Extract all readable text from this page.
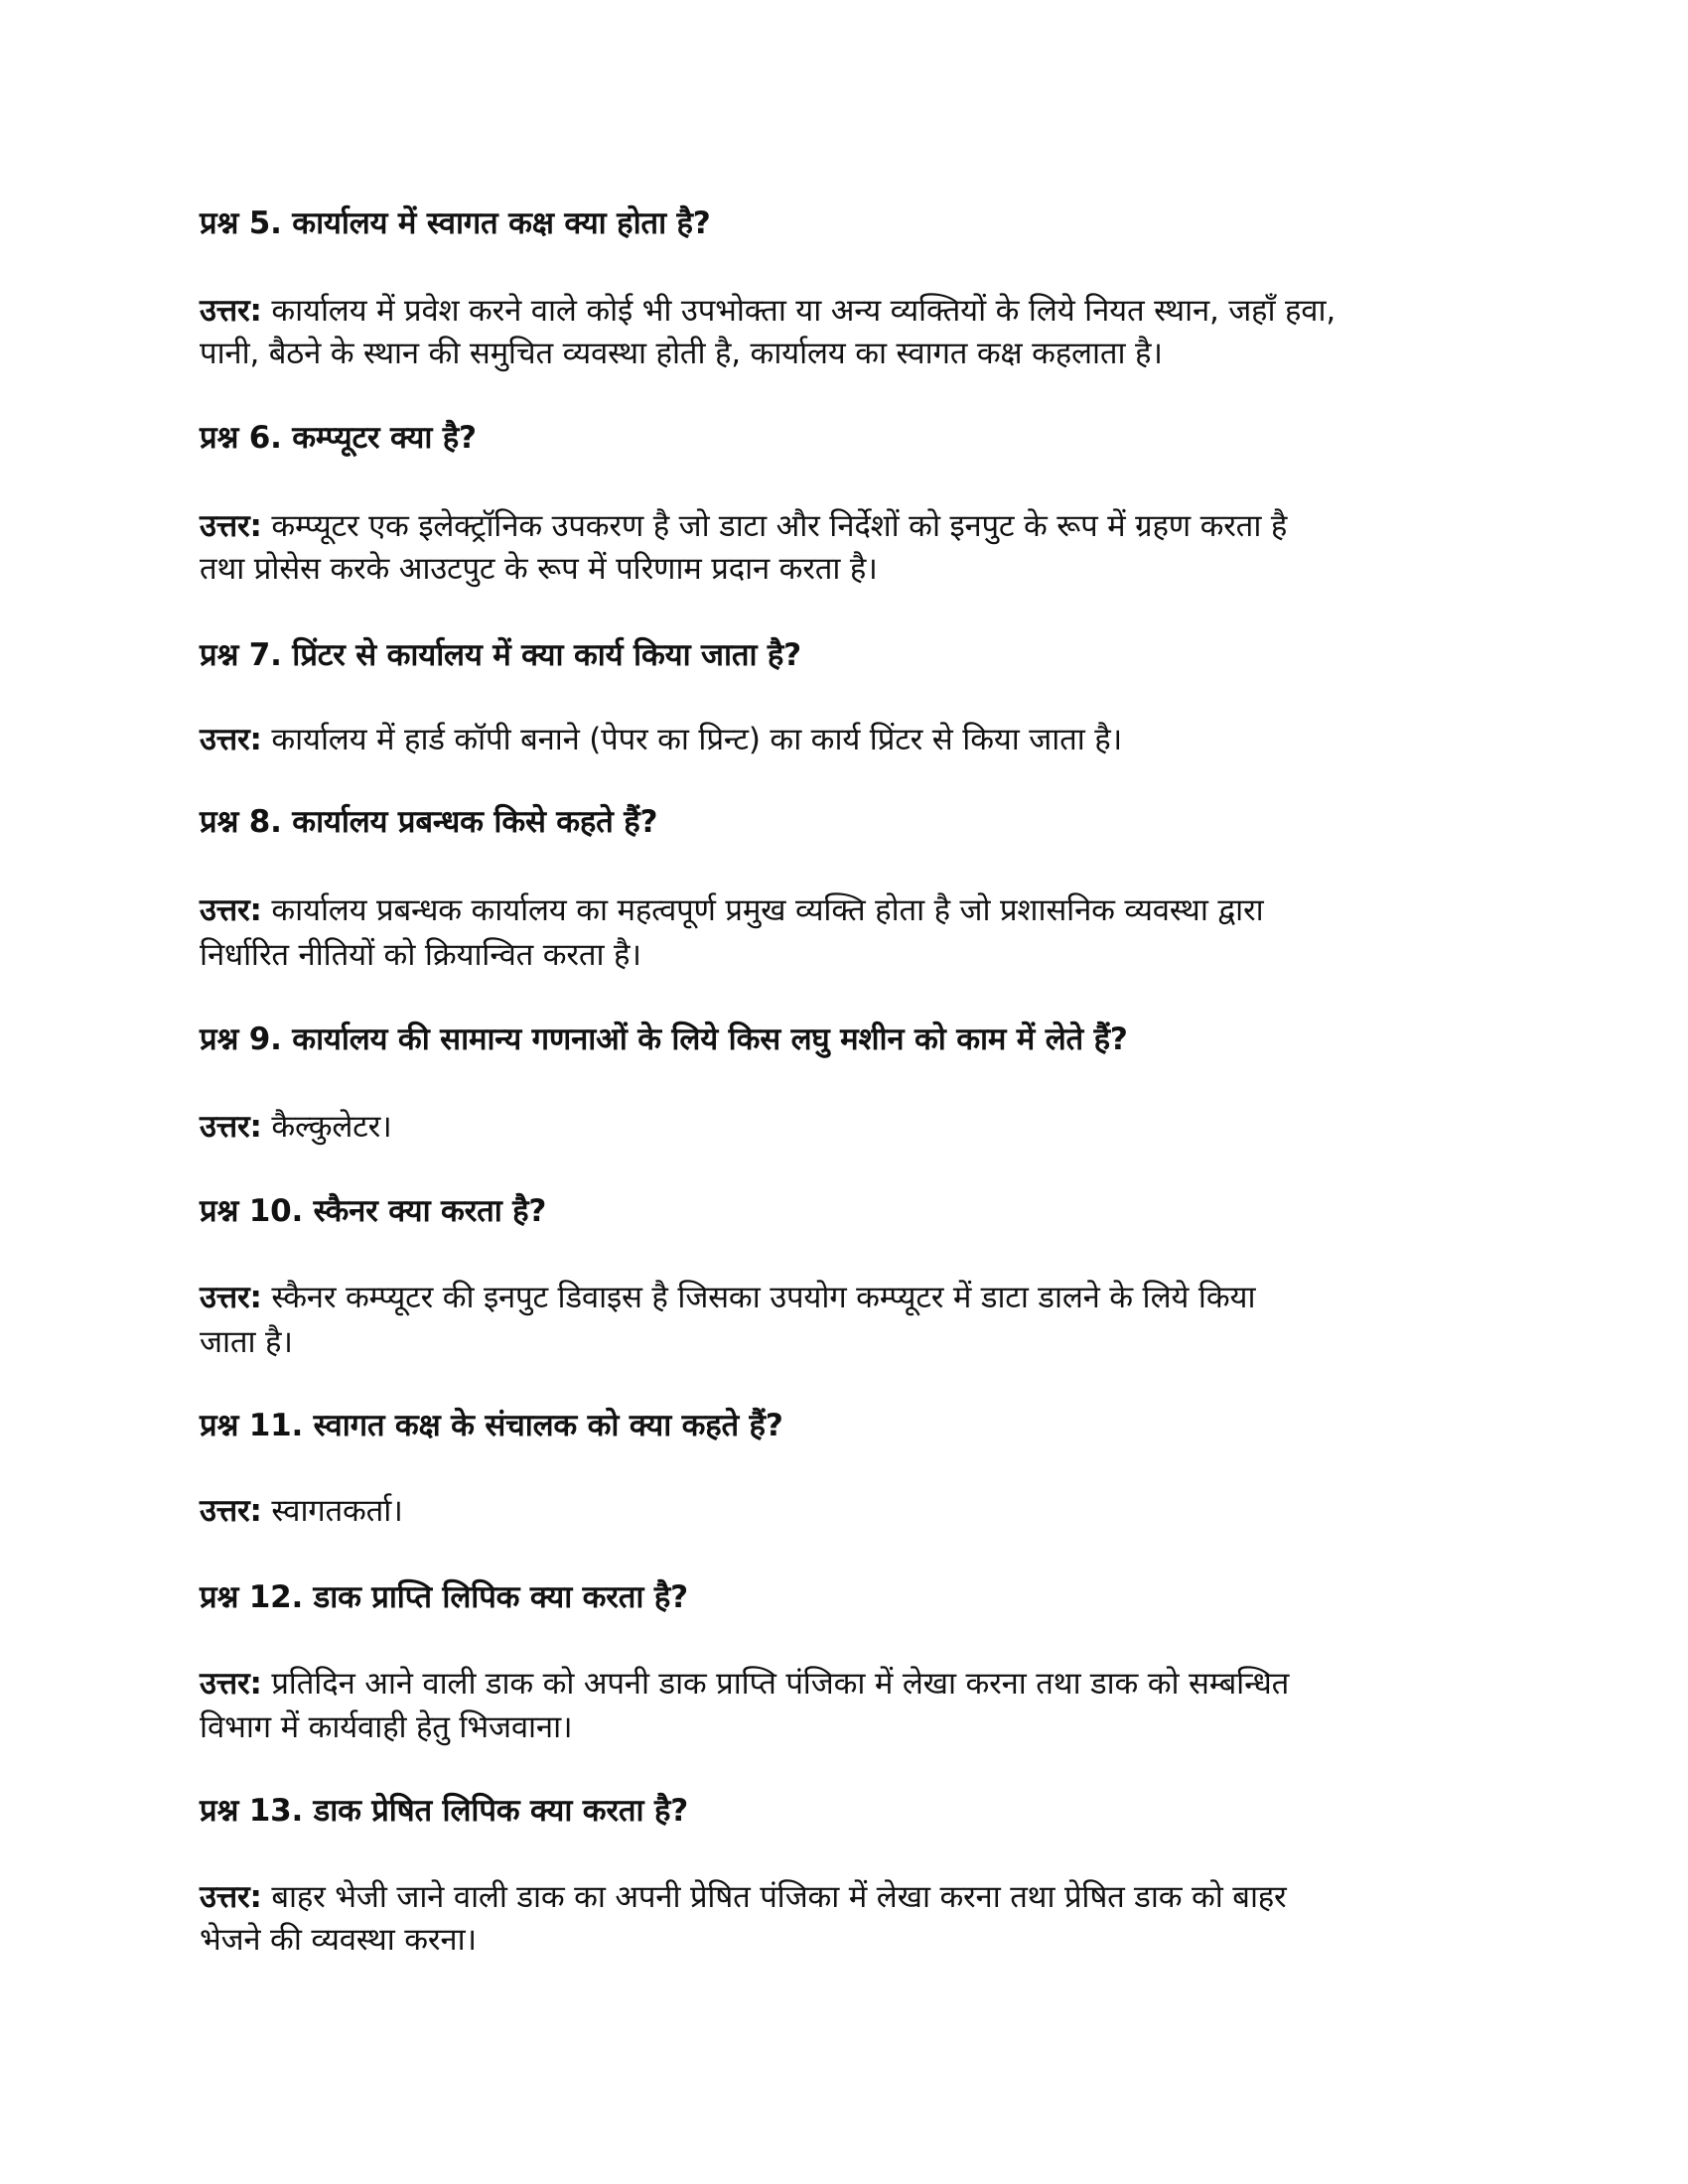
प्रश्न 5. कार्यालय में स्वागत कक्ष क्या होता है?
उत्तर: कार्यालय में प्रवेश करने वाले कोई भी उपभोक्ता या अन्य व्यक्तियों के लिये नियत स्थान, जहाँ हवा,
पानी, बैठने के स्थान की समुचित व्यवस्था होती है, कार्यालय का स्वागत कक्ष कहलाता है।
प्रश्न 6. कम्प्यूटर क्या है?
उत्तर: कम्प्यूटर एक इलेक्ट्रॉनिक उपकरण है जो डाटा और निर्देशों को इनपुट के रूप में ग्रहण करता है
तथा प्रोसेस करके आउटपुट के रूप में परिणाम प्रदान करता है।
प्रश्न 7. प्रिंटर से कार्यालय में क्या कार्य किया जाता है?
उत्तर: कार्यालय में हार्ड कॉपी बनाने (पेपर का प्रिन्ट) का कार्य प्रिंटर से किया जाता है।
प्रश्न 8. कार्यालय प्रबन्धक किसे कहते हैं?
उत्तर: कार्यालय प्रबन्धक कार्यालय का महत्वपूर्ण प्रमुख व्यक्ति होता है जो प्रशासनिक व्यवस्था द्वारा
निर्धारित नीतियों को क्रियान्वित करता है।
प्रश्न 9. कार्यालय की सामान्य गणनाओं के लिये किस लघु मशीन को काम में लेते हैं?
उत्तर: कैल्कुलेटर।
प्रश्न 10. स्कैनर क्या करता है?
उत्तर: स्कैनर कम्प्यूटर की इनपुट डिवाइस है जिसका उपयोग कम्प्यूटर में डाटा डालने के लिये किया
जाता है।
प्रश्न 11. स्वागत कक्ष के संचालक को क्या कहते हैं?
उत्तर: स्वागतकर्ता।
प्रश्न 12. डाक प्राप्ति लिपिक क्या करता है?
उत्तर: प्रतिदिन आने वाली डाक को अपनी डाक प्राप्ति पंजिका में लेखा करना तथा डाक को सम्बन्धित
विभाग में कार्यवाही हेतु भिजवाना।
प्रश्न 13. डाक प्रेषित लिपिक क्या करता है?
उत्तर: बाहर भेजी जाने वाली डाक का अपनी प्रेषित पंजिका में लेखा करना तथा प्रेषित डाक को बाहर
भेजने की व्यवस्था करना।
